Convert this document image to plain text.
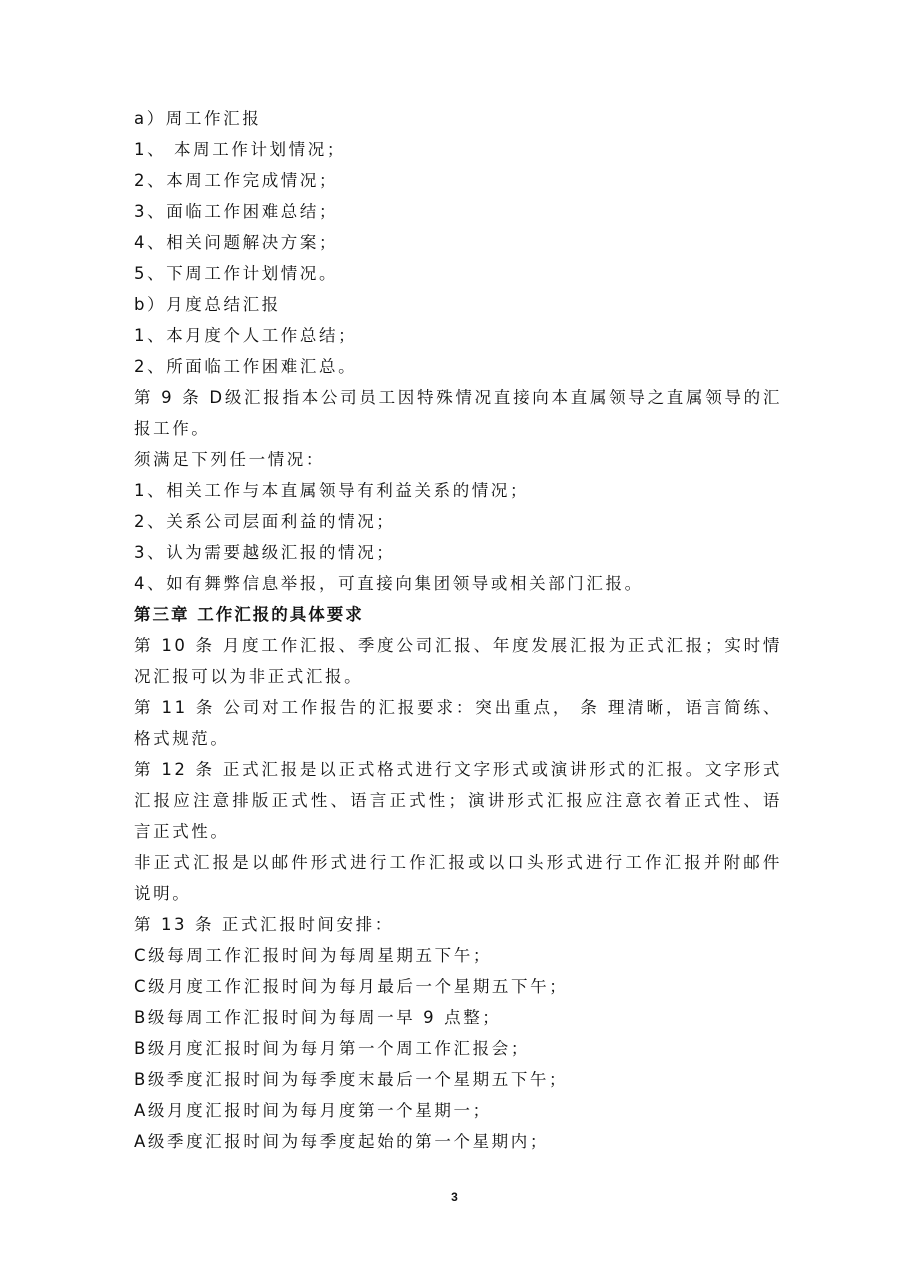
a）周工作汇报

1、 本周工作计划情况；

2、本周工作完成情况；

3、面临工作困难总结；

4、相关问题解决方案；

5、下周工作计划情况。

b）月度总结汇报

1、本月度个人工作总结；

2、所面临工作困难汇总。

第 9 条 D级汇报指本公司员工因特殊情况直接向本直属领导之直属领导的汇报工作。

须满足下列任一情况：

1、相关工作与本直属领导有利益关系的情况；

2、关系公司层面利益的情况；

3、认为需要越级汇报的情况；

4、如有舞弊信息举报，可直接向集团领导或相关部门汇报。

第三章 工作汇报的具体要求

第 10 条 月度工作汇报、季度公司汇报、年度发展汇报为正式汇报；实时情况汇报可以为非正式汇报。

第 11 条 公司对工作报告的汇报要求：突出重点， 条 理清晰，语言简练、格式规范。

第 12 条 正式汇报是以正式格式进行文字形式或演讲形式的汇报。文字形式汇报应注意排版正式性、语言正式性；演讲形式汇报应注意衣着正式性、语言正式性。

非正式汇报是以邮件形式进行工作汇报或以口头形式进行工作汇报并附邮件说明。

第 13 条 正式汇报时间安排：

C级每周工作汇报时间为每周星期五下午；

C级月度工作汇报时间为每月最后一个星期五下午；

B级每周工作汇报时间为每周一早 9 点整；

B级月度汇报时间为每月第一个周工作汇报会；

B级季度汇报时间为每季度末最后一个星期五下午；

A级月度汇报时间为每月度第一个星期一；

A级季度汇报时间为每季度起始的第一个星期内；

3
